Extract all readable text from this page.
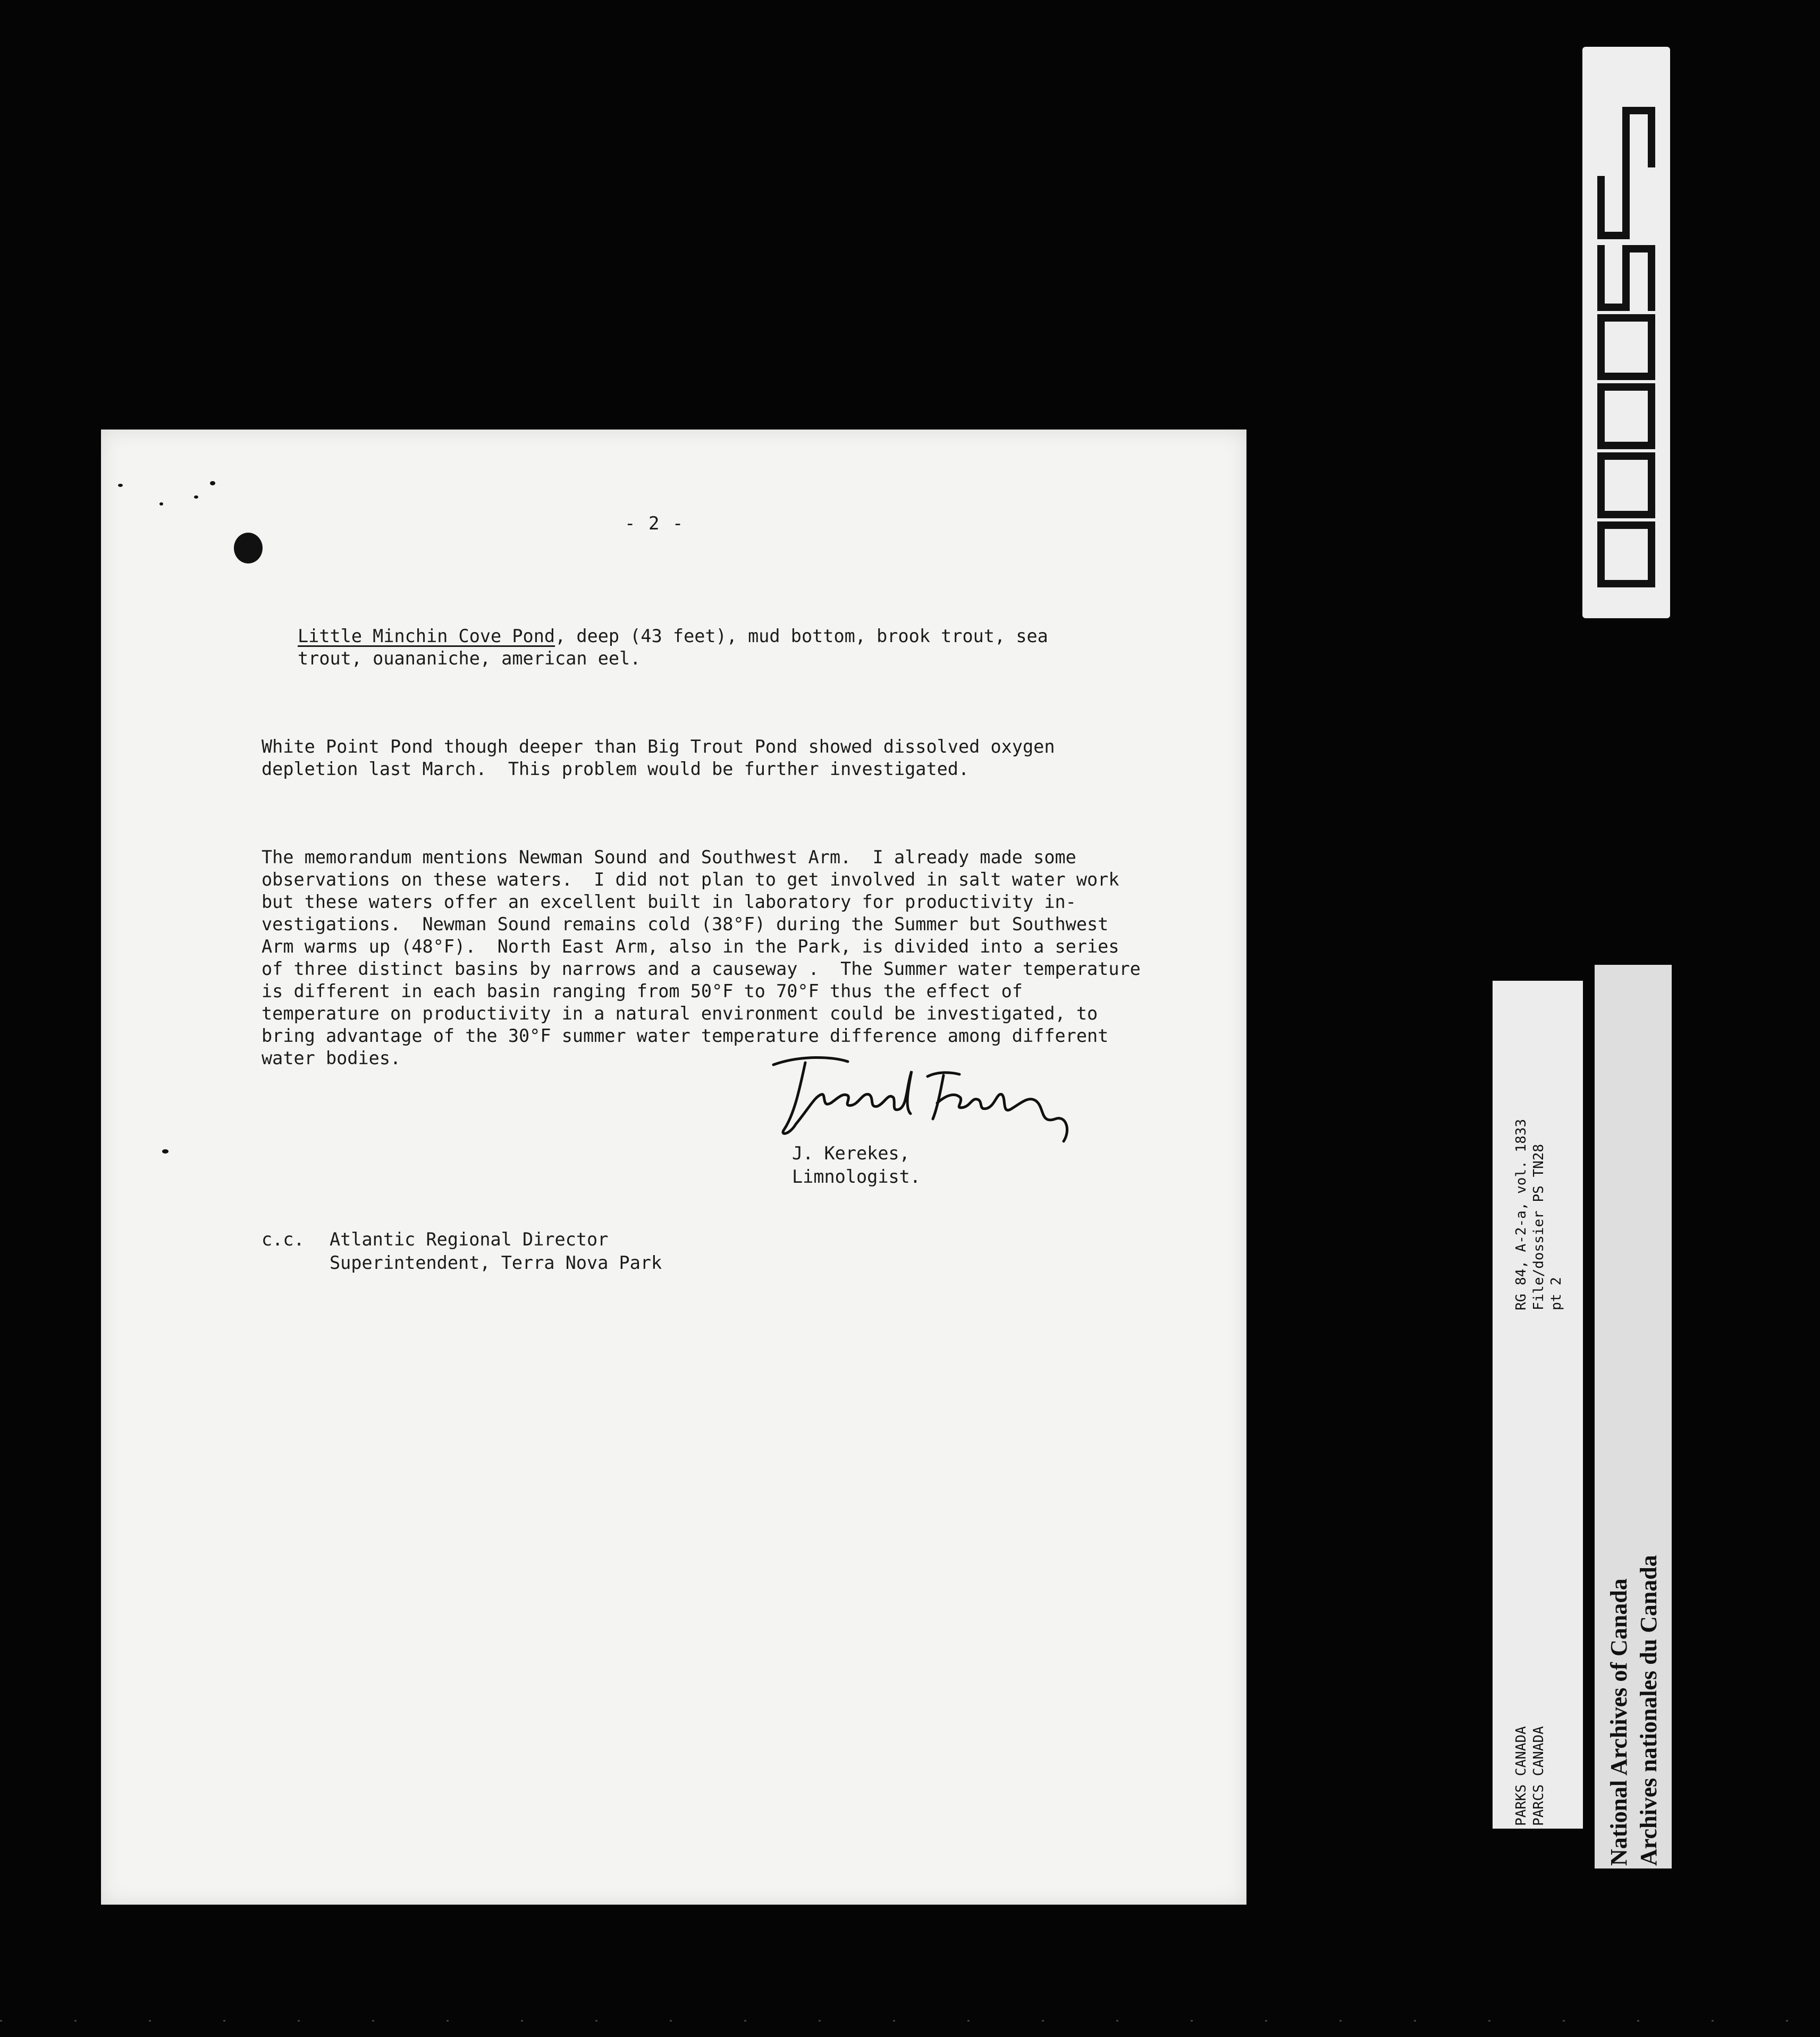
- 2 -

Little Minchin Cove Pond, deep (43 feet), mud bottom, brook trout, sea
trout, ouananiche, american eel.

White Point Pond though deeper than Big Trout Pond showed dissolved oxygen
depletion last March.  This problem would be further investigated.

The memorandum mentions Newman Sound and Southwest Arm.  I already made some
observations on these waters.  I did not plan to get involved in salt water work
but these waters offer an excellent built in laboratory for productivity in-
vestigations.  Newman Sound remains cold (38°F) during the Summer but Southwest
Arm warms up (48°F).  North East Arm, also in the Park, is divided into a series
of three distinct basins by narrows and a causeway .  The Summer water temperature
is different in each basin ranging from 50°F to 70°F thus the effect of
temperature on productivity in a natural environment could be investigated, to
bring advantage of the 30°F summer water temperature difference among different
water bodies.

J. Kerekes,
Limnologist.
c.c. Atlantic Regional Director
Superintendent, Terra Nova Park	RG 84, A-2-a, vol. 1833 File/dossier PS TN28 pt 2
PARKS CANADA PARCS CANADA	National Archives of Canada Archives nationales du Canada
